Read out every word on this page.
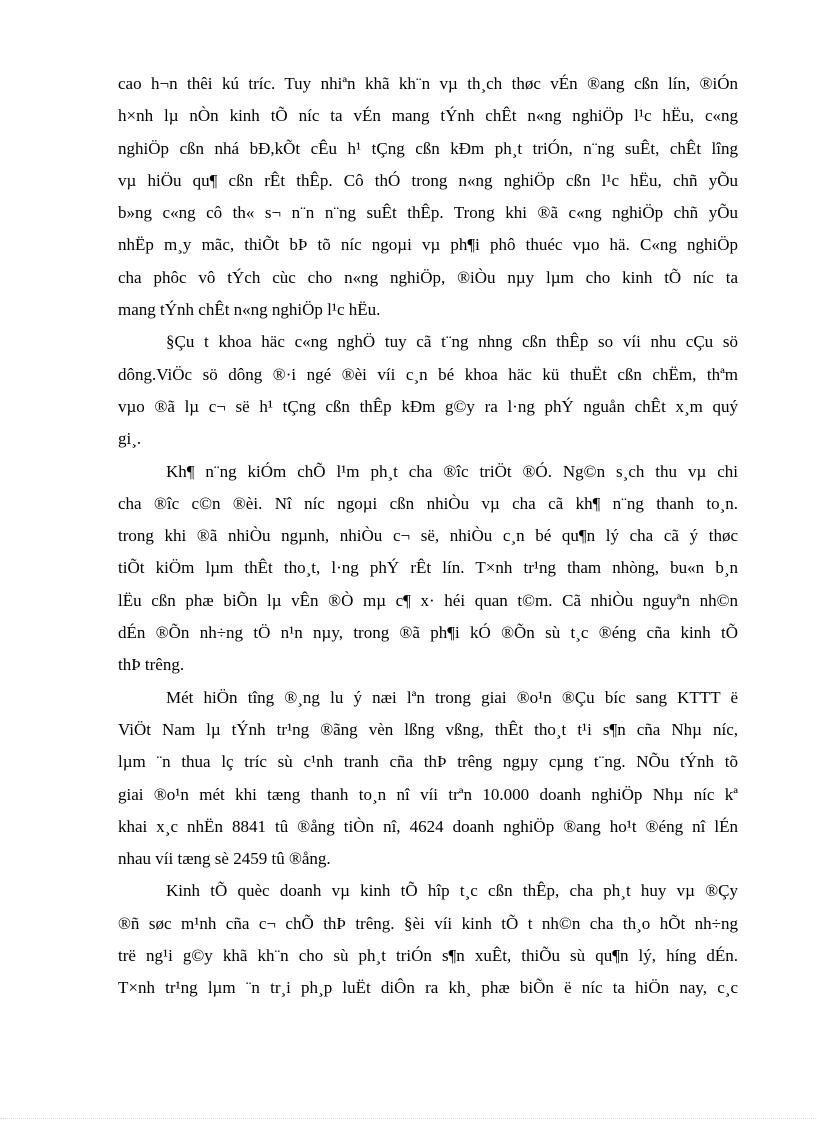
cao h¬n thêi kú tríc. Tuy nhiªn khã kh¨n vµ th¸ch thøc vÉn ®ang cßn lín, ®iÓn
h×nh lµ nÒn kinh tÕ níc ta vÉn mang tÝnh chÊt n«ng nghiÖp l¹c hËu, c«ng
nghiÖp cßn nhá bÐ,kÕt cÊu h¹ tÇng cßn kÐm ph¸t triÓn, n¨ng suÊt, chÊt lîng
vµ hiÖu qu¶ cßn rÊt thÊp. Cô thÓ trong n«ng nghiÖp cßn l¹c hËu, chñ yÕu
b»ng c«ng cô th« s¬ n¨n n¨ng suÊt thÊp. Trong khi ®ã c«ng nghiÖp chñ yÕu
nhËp m¸y mãc, thiÕt bÞ tõ níc ngoµi vµ ph¶i phô thuéc vµo hä. C«ng nghiÖp
cha phôc vô tÝch cùc cho n«ng nghiÖp, ®iÒu nµy lµm cho kinh tÕ níc ta
mang tÝnh chÊt n«ng nghiÖp l¹c hËu.
§Çu t khoa häc c«ng nghÖ tuy cã t¨ng nhng cßn thÊp so víi nhu cÇu sö
dông.ViÖc sö dông ®·i ngé ®èi víi c¸n bé khoa häc kü thuËt cßn chËm, thªm
vµo ®ã lµ c¬ së h¹ tÇng cßn thÊp kÐm g©y ra l·ng phÝ nguån chÊt x¸m quý
gi¸.
Kh¶ n¨ng kiÓm chÕ l¹m ph¸t cha ®îc triÖt ®Ó. Ng©n s¸ch thu vµ chi
cha ®îc c©n ®èi. Nî níc ngoµi cßn nhiÒu vµ cha cã kh¶ n¨ng thanh to¸n.
trong khi ®ã nhiÒu ngµnh, nhiÒu c¬ së, nhiÒu c¸n bé qu¶n lý cha cã ý thøc
tiÕt kiÖm lµm thÊt tho¸t, l·ng phÝ rÊt lín. T×nh tr¹ng tham nhòng, bu«n b¸n
lËu cßn phæ biÕn lµ vÊn ®Ò mµ c¶ x· héi quan t©m. Cã nhiÒu nguyªn nh©n
dÉn ®Õn nh÷ng tÖ n¹n nµy, trong ®ã ph¶i kÓ ®Õn sù t¸c ®éng cña kinh tÕ
thÞ trêng.
Mét hiÖn tîng ®¸ng lu ý næi lªn trong giai ®o¹n ®Çu bíc sang KTTT ë
ViÖt Nam lµ tÝnh tr¹ng ®ãng vèn lßng vßng, thÊt tho¸t t¹i s¶n cña Nhµ níc,
lµm ¨n thua lç tríc sù c¹nh tranh cña thÞ trêng ngµy cµng t¨ng. NÕu tÝnh tõ
giai ®o¹n mét khi tæng thanh to¸n nî víi trªn 10.000 doanh nghiÖp Nhµ níc kª
khai x¸c nhËn 8841 tû ®ång tiÒn nî, 4624 doanh nghiÖp ®ang ho¹t ®éng nî lÉn
nhau víi tæng sè 2459 tû ®ång.
Kinh tÕ quèc doanh vµ kinh tÕ hîp t¸c cßn thÊp, cha ph¸t huy vµ ®Çy
®ñ søc m¹nh cña c¬ chÕ thÞ trêng. §èi víi kinh tÕ t nh©n cha th¸o hÕt nh÷ng
trë ng¹i g©y khã kh¨n cho sù ph¸t triÓn s¶n xuÊt, thiÕu sù qu¶n lý, híng dÉn.
T×nh tr¹ng lµm ¨n tr¸i ph¸p luËt diÔn ra kh¸ phæ biÕn ë níc ta hiÖn nay, c¸c
